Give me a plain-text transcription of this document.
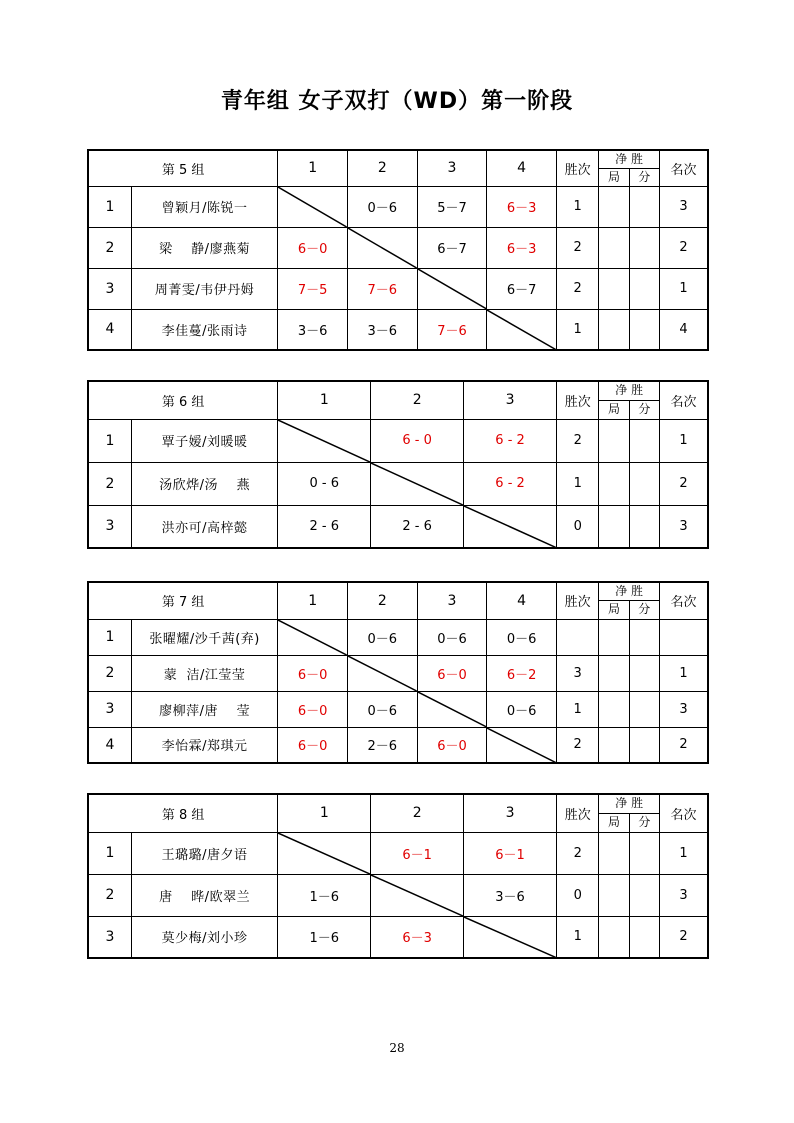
青年组 女子双打（WD）第一阶段
第 5 组		1	2	3	4	胜次	净 胜		名次
							局	分	
1	曾颖月/陈锐一		0－6	5－7	6－3	1			3
2	梁    静/廖燕菊	6－0		6－7	6－3	2			2
3	周菁雯/韦伊丹姆	7－5	7－6		6－7	2			1
4	李佳蔓/张雨诗	3－6	3－6	7－6		1			4
第 6 组		1	2	3	胜次	净 胜		名次
						局	分	
1	覃子嫒/刘暖暖		6 - 0	6 - 2	2			1
2	汤欣烨/汤    燕	0 - 6		6 - 2	1			2
3	洪亦可/高梓懿	2 - 6	2 - 6		0			3
第 7 组		1	2	3	4	胜次	净 胜		名次
							局	分	
1	张曜耀/沙千茜(弃)		0－6	0－6	0－6				
2	蒙  洁/江莹莹	6－0		6－0	6－2	3			1
3	廖柳萍/唐    莹	6－0	0－6		0－6	1			3
4	李怡霖/郑琪元	6－0	2－6	6－0		2			2
第 8 组		1	2	3	胜次	净 胜		名次
						局	分	
1	王璐璐/唐夕语		6－1	6－1	2			1
2	唐    晔/欧翠兰	1－6		3－6	0			3
3	莫少梅/刘小珍	1－6	6－3		1			2
28
